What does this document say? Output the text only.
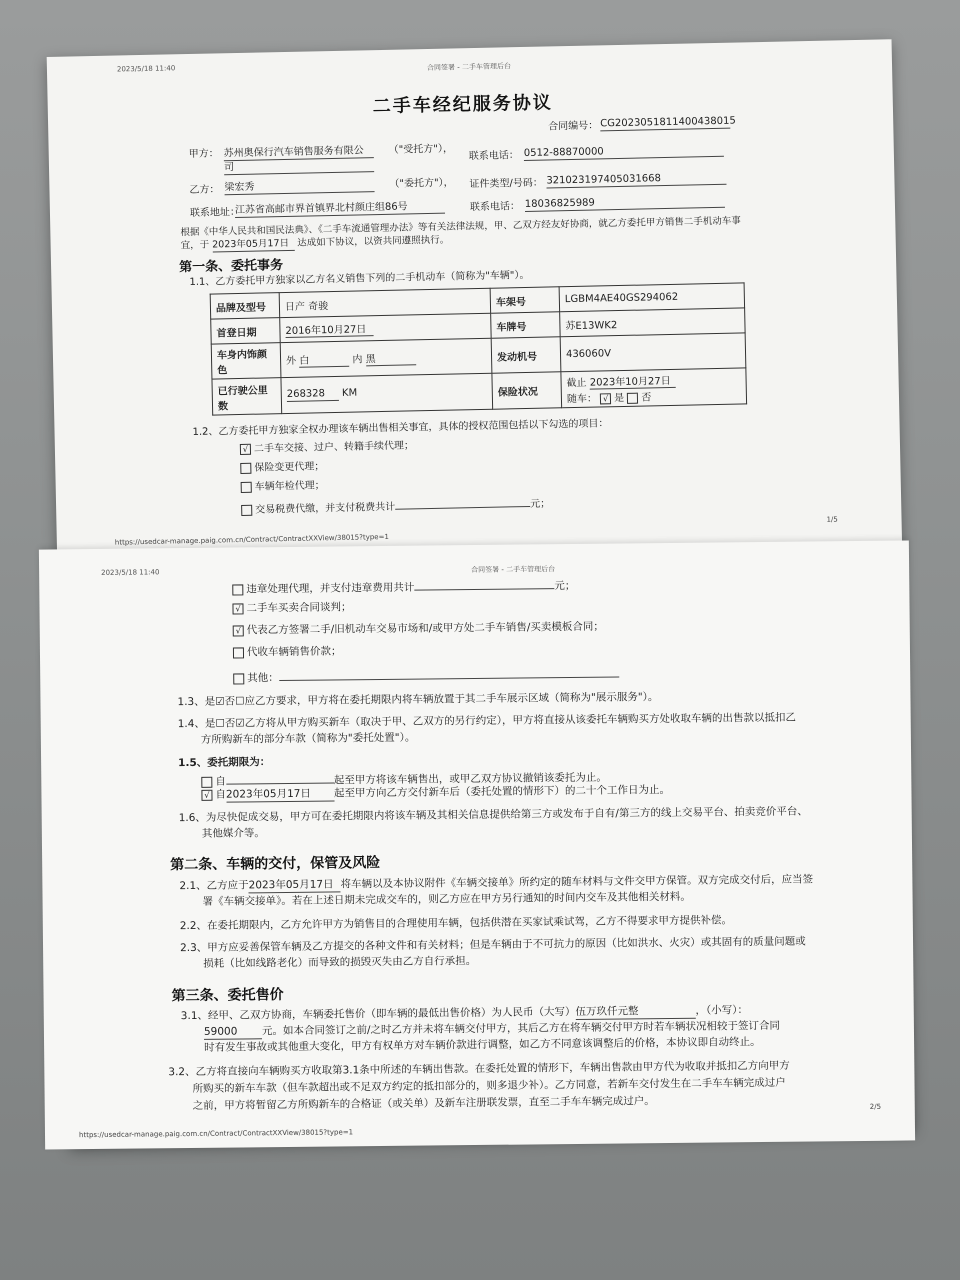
2023/5/18 11:40	合同签署 - 二手车管理后台
二手车经纪服务协议
合同编号： CG2023051811400438015
甲方： 苏州奥保行汽车销售服务有限公
司
（"受托方"），
联系电话： 0512-88870000
乙方： 梁宏秀	（"委托方"）， 证件类型/号码： 321023197405031668
联系地址：
江苏省高邮市界首镇界北村颜庄组86号	联系电话： 18036825989
根据《中华人民共和国民法典》、《二手车流通管理办法》等有关法律法规，甲、乙双方经友好协商，就乙方委托甲方销售二手机动车事
宜，于 2023年05月17日 达成如下协议，以资共同遵照执行。
第一条、委托事务
1.1、乙方委托甲方独家以乙方名义销售下列的二手机动车（简称为"车辆"）。
品牌及型号	日产 奇骏	车架号	LGBM4AE40GS294062
首登日期	2016年10月27日	车牌号	苏E13WK2
车身内饰颜色	外 白 内 黑	发动机号	436060V
已行驶公里数	268328 KM	保险状况	截止 2023年10月27日
随车： √ 是 否
1.2、乙方委托甲方独家全权办理该车辆出售相关事宜，具体的授权范围包括以下勾选的项目：
√ 二手车交接、过户、转籍手续代理；
保险变更代理；
车辆年检代理；
交易税费代缴，并支付税费共计	元；
https://usedcar-manage.paig.com.cn/Contract/ContractXXView/38015?type=1
1/5
2023/5/18 11:40	合同签署 - 二手车管理后台
违章处理代理，并支付违章费用共计	元；
√ 二手车买卖合同谈判；
√ 代表乙方签署二手/旧机动车交易市场和/或甲方处二手车销售/买卖模板合同；
代收车辆销售价款；
其他：
1.3、是☑否☐应乙方要求，甲方将在委托期限内将车辆放置于其二手车展示区域（简称为"展示服务"）。
1.4、是☐否☑乙方将从甲方购买新车（取决于甲、乙双方的另行约定），甲方将直接从该委托车辆购买方处收取车辆的出售款以抵扣乙
方所购新车的部分车款（简称为"委托处置"）。
1.5、委托期限为：
自	起至甲方将该车辆售出，或甲乙双方协议撤销该委托为止。
√ 自2023年05月17日 起至甲方向乙方交付新车后（委托处置的情形下）的二十个工作日为止。
1.6、为尽快促成交易，甲方可在委托期限内将该车辆及其相关信息提供给第三方或发布于自有/第三方的线上交易平台、拍卖竞价平台、
其他媒介等。
第二条、车辆的交付，保管及风险
2.1、乙方应于2023年05月17日 将车辆以及本协议附件《车辆交接单》所约定的随车材料与文件交甲方保管。双方完成交付后，应当签
署《车辆交接单》。若在上述日期未完成交车的，则乙方应在甲方另行通知的时间内交车及其他相关材料。
2.2、在委托期限内，乙方允许甲方为销售目的合理使用车辆，包括供潜在买家试乘试驾，乙方不得要求甲方提供补偿。
2.3、甲方应妥善保管车辆及乙方提交的各种文件和有关材料；但是车辆由于不可抗力的原因（比如洪水、火灾）或其固有的质量问题或
损耗（比如线路老化）而导致的损毁灭失由乙方自行承担。
第三条、委托售价
3.1、经甲、乙双方协商，车辆委托售价（即车辆的最低出售价格）为人民币（大写）伍万玖仟元整	，（小写）：
59000 元。如本合同签订之前/之时乙方并未将车辆交付甲方，其后乙方在将车辆交付甲方时若车辆状况相较于签订合同
时有发生事故或其他重大变化，甲方有权单方对车辆价款进行调整，如乙方不同意该调整后的价格，本协议即自动终止。
3.2、乙方将直接向车辆购买方收取第3.1条中所述的车辆出售款。在委托处置的情形下，车辆出售款由甲方代为收取并抵扣乙方向甲方
所购买的新车车款（但车款超出或不足双方约定的抵扣部分的，则多退少补）。乙方同意，若新车交付发生在二手车车辆完成过户
之前，甲方将暂留乙方所购新车的合格证（或关单）及新车注册联发票，直至二手车车辆完成过户。
https://usedcar-manage.paig.com.cn/Contract/ContractXXView/38015?type=1
2/5
